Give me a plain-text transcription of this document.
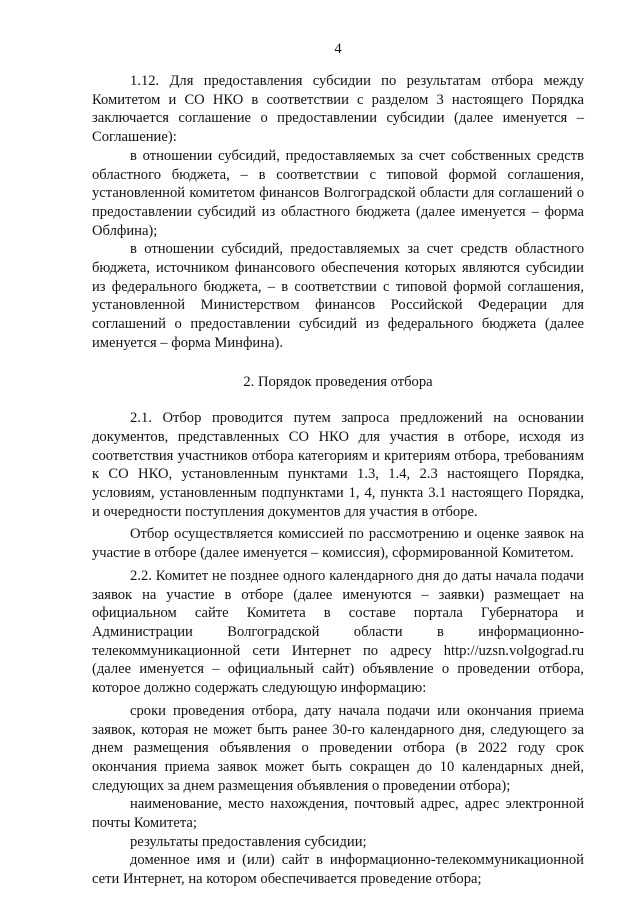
4

1.12. Для предоставления субсидии по результатам отбора между Комитетом и СО НКО в соответствии с разделом 3 настоящего Порядка заключается соглашение о предоставлении субсидии (далее именуется – Соглашение):

в отношении субсидий, предоставляемых за счет собственных средств областного бюджета, – в соответствии с типовой формой соглашения, установленной комитетом финансов Волгоградской области для соглашений о предоставлении субсидий из областного бюджета (далее именуется – форма Облфина);

в отношении субсидий, предоставляемых за счет средств областного бюджета, источником финансового обеспечения которых являются субсидии из федерального бюджета, – в соответствии с типовой формой соглашения, установленной Министерством финансов Российской Федерации для соглашений о предоставлении субсидий из федерального бюджета (далее именуется – форма Минфина).

2. Порядок проведения отбора

2.1. Отбор проводится путем запроса предложений на основании документов, представленных СО НКО для участия в отборе, исходя из соответствия участников отбора категориям и критериям отбора, требованиям к СО НКО, установленным пунктами 1.3, 1.4, 2.3 настоящего Порядка, условиям, установленным подпунктами 1, 4, пункта 3.1 настоящего Порядка, и очередности поступления документов для участия в отборе.

Отбор осуществляется комиссией по рассмотрению и оценке заявок на участие в отборе (далее именуется – комиссия), сформированной Комитетом.

2.2. Комитет не позднее одного календарного дня до даты начала подачи заявок на участие в отборе (далее именуются – заявки) размещает на официальном сайте Комитета в составе портала Губернатора и Администрации Волгоградской области в информационно-телекоммуникационной сети Интернет по адресу http://uzsn.volgograd.ru (далее именуется – официальный сайт) объявление о проведении отбора, которое должно содержать следующую информацию:

сроки проведения отбора, дату начала подачи или окончания приема заявок, которая не может быть ранее 30-го календарного дня, следующего за днем размещения объявления о проведении отбора (в 2022 году срок окончания приема заявок может быть сокращен до 10 календарных дней, следующих за днем размещения объявления о проведении отбора);

наименование, место нахождения, почтовый адрес, адрес электронной почты Комитета;

результаты предоставления субсидии;

доменное имя и (или) сайт в информационно-телекоммуникационной сети Интернет, на котором обеспечивается проведение отбора;
